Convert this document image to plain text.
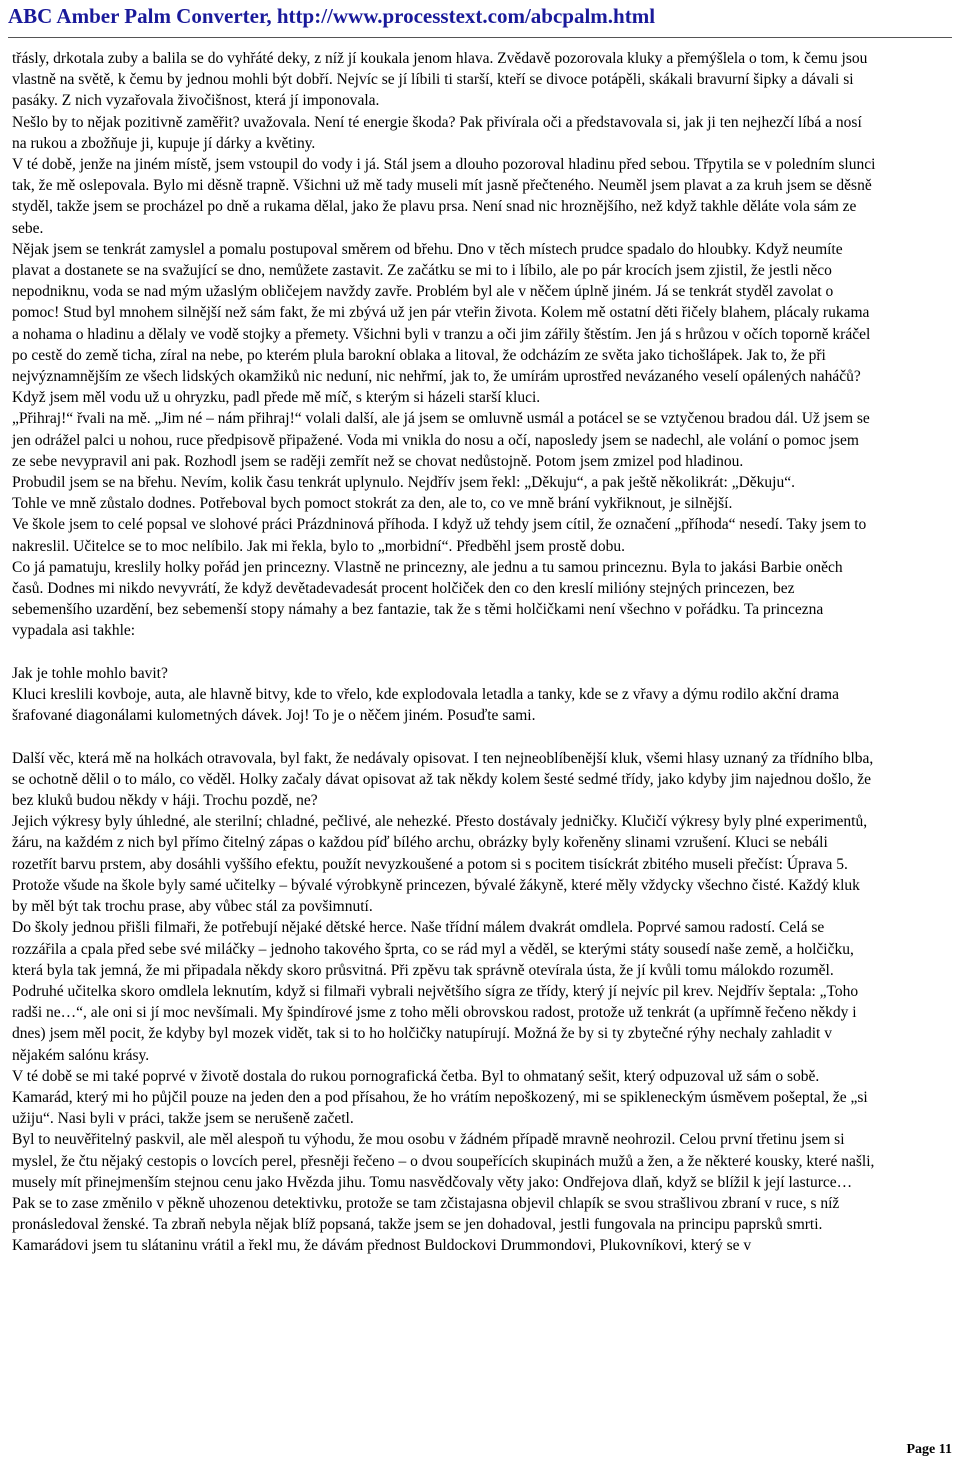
ABC Amber Palm Converter, http://www.processtext.com/abcpalm.html

třásly, drkotala zuby a balila se do vyhřáté deky, z níž jí koukala jenom hlava. Zvědavě pozorovala kluky a přemýšlela o tom, k čemu jsou vlastně na světě, k čemu by jednou mohli být dobří. Nejvíc se jí líbili ti starší, kteří se divoce potápěli, skákali bravurní šipky a dávali si pasáky. Z nich vyzařovala živočišnost, která jí imponovala.

Nešlo by to nějak pozitivně zaměřit? uvažovala. Není té energie škoda? Pak přivírala oči a představovala si, jak ji ten nejhezčí líbá a nosí na rukou a zbožňuje ji, kupuje jí dárky a květiny.

V té době, jenže na jiném místě, jsem vstoupil do vody i já. Stál jsem a dlouho pozoroval hladinu před sebou. Třpytila se v poledním slunci tak, že mě oslepovala. Bylo mi děsně trapně. Všichni už mě tady museli mít jasně přečteného. Neuměl jsem plavat a za kruh jsem se děsně styděl, takže jsem se procházel po dně a rukama dělal, jako že plavu prsa. Není snad nic hroznějšího, než když takhle děláte vola sám ze sebe.

Nějak jsem se tenkrát zamyslel a pomalu postupoval směrem od břehu. Dno v těch místech prudce spadalo do hloubky. Když neumíte plavat a dostanete se na svažující se dno, nemůžete zastavit. Ze začátku se mi to i líbilo, ale po pár krocích jsem zjistil, že jestli něco nepodniknu, voda se nad mým užaslým obličejem navždy zavře. Problém byl ale v něčem úplně jiném. Já se tenkrát styděl zavolat o pomoc! Stud byl mnohem silnější než sám fakt, že mi zbývá už jen pár vteřin života. Kolem mě ostatní děti řičely blahem, plácaly rukama a nohama o hladinu a dělaly ve vodě stojky a přemety. Všichni byli v tranzu a oči jim zářily štěstím. Jen já s hrůzou v očích toporně kráčel po cestě do země ticha, zíral na nebe, po kterém plula barokní oblaka a litoval, že odcházím ze světa jako tichošlápek. Jak to, že při nejvýznamnějším ze všech lidských okamžiků nic neduní, nic nehřmí, jak to, že umírám uprostřed nevázaného veselí opálených naháčů?

Když jsem měl vodu už u ohryzku, padl přede mě míč, s kterým si házeli starší kluci.

„Přihraj!“ řvali na mě. „Jim né – nám přihraj!“ volali další, ale já jsem se omluvně usmál a potácel se se vztyčenou bradou dál. Už jsem se jen odrážel palci u nohou, ruce předpisově připažené. Voda mi vnikla do nosu a očí, naposledy jsem se nadechl, ale volání o pomoc jsem ze sebe nevypravil ani pak. Rozhodl jsem se raději zemřít než se chovat nedůstojně. Potom jsem zmizel pod hladinou.

Probudil jsem se na břehu. Nevím, kolik času tenkrát uplynulo. Nejdřív jsem řekl: „Děkuju“, a pak ještě několikrát: „Děkuju“.

Tohle ve mně zůstalo dodnes. Potřeboval bych pomoct stokrát za den, ale to, co ve mně brání vykřiknout, je silnější.

Ve škole jsem to celé popsal ve slohové práci Prázdninová příhoda. I když už tehdy jsem cítil, že označení „příhoda“ nesedí. Taky jsem to nakreslil. Učitelce se to moc nelíbilo. Jak mi řekla, bylo to „morbidní“. Předběhl jsem prostě dobu.

Co já pamatuju, kreslily holky pořád jen princezny. Vlastně ne princezny, ale jednu a tu samou princeznu. Byla to jakási Barbie oněch časů. Dodnes mi nikdo nevyvrátí, že když devětadevadesát procent holčiček den co den kreslí milióny stejných princezen, bez sebemenšího uzardění, bez sebemenší stopy námahy a bez fantazie, tak že s těmi holčičkami není všechno v pořádku. Ta princezna vypadala asi takhle:

Jak je tohle mohlo bavit?

Kluci kreslili kovboje, auta, ale hlavně bitvy, kde to vřelo, kde explodovala letadla a tanky, kde se z vřavy a dýmu rodilo akční drama šrafované diagonálami kulometných dávek. Joj! To je o něčem jiném. Posuďte sami.

Další věc, která mě na holkách otravovala, byl fakt, že nedávaly opisovat. I ten nejneoblíbenější kluk, všemi hlasy uznaný za třídního blba, se ochotně dělil o to málo, co věděl. Holky začaly dávat opisovat až tak někdy kolem šesté sedmé třídy, jako kdyby jim najednou došlo, že bez kluků budou někdy v háji. Trochu pozdě, ne?

Jejich výkresy byly úhledné, ale sterilní; chladné, pečlivé, ale nehezké. Přesto dostávaly jedničky. Klučičí výkresy byly plné experimentů, žáru, na každém z nich byl přímo čitelný zápas o každou píď bílého archu, obrázky byly kořeněny slinami vzrušení. Kluci se nebáli rozetřít barvu prstem, aby dosáhli vyššího efektu, použít nevyzkoušené a potom si s pocitem tisíckrát zbitého museli přečíst: Úprava 5. Protože všude na škole byly samé učitelky – bývalé výrobkyně princezen, bývalé žákyně, které měly vždycky všechno čisté. Každý kluk by měl být tak trochu prase, aby vůbec stál za povšimnutí.

Do školy jednou přišli filmaři, že potřebují nějaké dětské herce. Naše třídní málem dvakrát omdlela. Poprvé samou radostí. Celá se rozzářila a cpala před sebe své miláčky – jednoho takového šprta, co se rád myl a věděl, se kterými státy sousedí naše země, a holčičku, která byla tak jemná, že mi připadala někdy skoro průsvitná. Při zpěvu tak správně otevírala ústa, že jí kvůli tomu málokdo rozuměl. Podruhé učitelka skoro omdlela leknutím, když si filmaři vybrali největšího sígra ze třídy, který jí nejvíc pil krev. Nejdřív šeptala: „Toho radši ne…“, ale oni si jí moc nevšímali. My špindírové jsme z toho měli obrovskou radost, protože už tenkrát (a upřímně řečeno někdy i dnes) jsem měl pocit, že kdyby byl mozek vidět, tak si to ho holčičky natupírují. Možná že by si ty zbytečné rýhy nechaly zahladit v nějakém salónu krásy.

V té době se mi také poprvé v životě dostala do rukou pornografická četba. Byl to ohmataný sešit, který odpuzoval už sám o sobě. Kamarád, který mi ho půjčil pouze na jeden den a pod přísahou, že ho vrátím nepoškozený, mi se spikleneckým úsměvem pošeptal, že „si užiju“. Nasi byli v práci, takže jsem se nerušeně začetl.

Byl to neuvěřitelný paskvil, ale měl alespoň tu výhodu, že mou osobu v žádném případě mravně neohrozil. Celou první třetinu jsem si myslel, že čtu nějaký cestopis o lovcích perel, přesněji řečeno – o dvou soupeřících skupinách mužů a žen, a že některé kousky, které našli, musely mít přinejmenším stejnou cenu jako Hvězda jihu. Tomu nasvědčovaly věty jako: Ondřejova dlaň, když se blížil k její lasturce… Pak se to zase změnilo v pěkně uhozenou detektivku, protože se tam zčistajasna objevil chlapík se svou strašlivou zbraní v ruce, s níž pronásledoval ženské. Ta zbraň nebyla nějak blíž popsaná, takže jsem se jen dohadoval, jestli fungovala na principu paprsků smrti.

Kamarádovi jsem tu slátaninu vrátil a řekl mu, že dávám přednost Buldockovi Drummondovi, Plukovníkovi, který se v

Page 11
